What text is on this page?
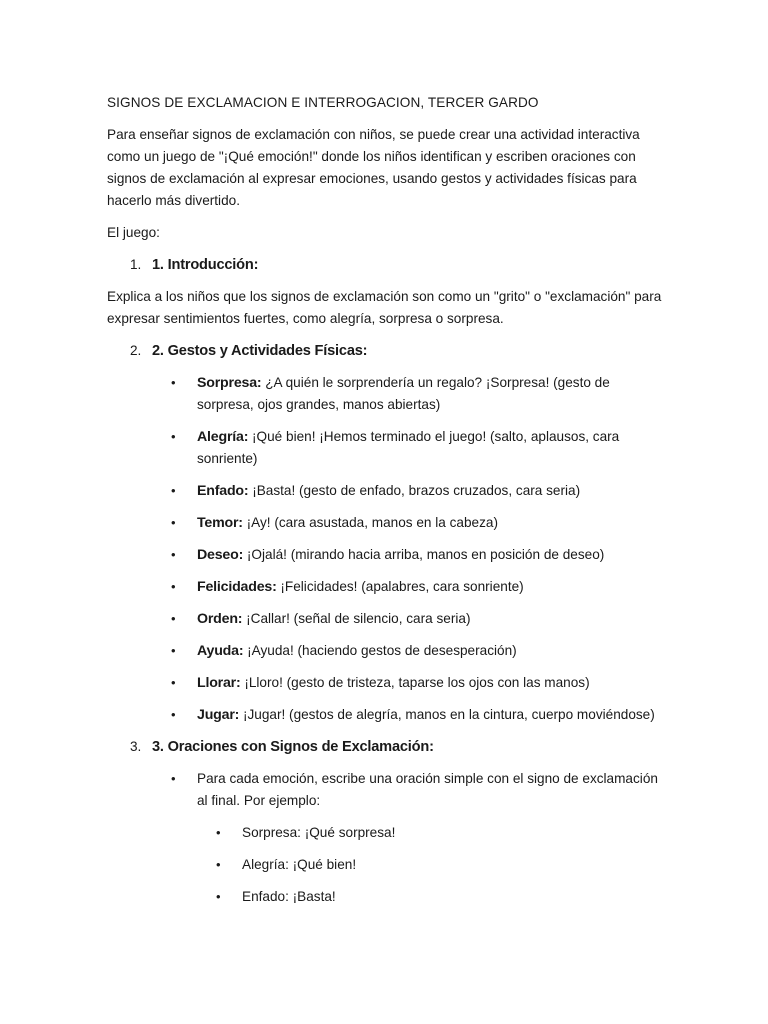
SIGNOS DE EXCLAMACION E INTERROGACION, TERCER GARDO

Para enseñar signos de exclamación con niños, se puede crear una actividad interactiva como un juego de "¡Qué emoción!" donde los niños identifican y escriben oraciones con signos de exclamación al expresar emociones, usando gestos y actividades físicas para hacerlo más divertido.

El juego:

1. 1. Introducción:

Explica a los niños que los signos de exclamación son como un "grito" o "exclamación" para expresar sentimientos fuertes, como alegría, sorpresa o sorpresa.

2. 2. Gestos y Actividades Físicas:
• Sorpresa: ¿A quién le sorprendería un regalo? ¡Sorpresa! (gesto de sorpresa, ojos grandes, manos abiertas)
• Alegría: ¡Qué bien! ¡Hemos terminado el juego! (salto, aplausos, cara sonriente)
• Enfado: ¡Basta! (gesto de enfado, brazos cruzados, cara seria)
• Temor: ¡Ay! (cara asustada, manos en la cabeza)
• Deseo: ¡Ojalá! (mirando hacia arriba, manos en posición de deseo)
• Felicidades: ¡Felicidades! (apalabres, cara sonriente)
• Orden: ¡Callar! (señal de silencio, cara seria)
• Ayuda: ¡Ayuda! (haciendo gestos de desesperación)
• Llorar: ¡Lloro! (gesto de tristeza, taparse los ojos con las manos)
• Jugar: ¡Jugar! (gestos de alegría, manos en la cintura, cuerpo moviéndose)
3. 3. Oraciones con Signos de Exclamación:
• Para cada emoción, escribe una oración simple con el signo de exclamación al final. Por ejemplo:
• Sorpresa: ¡Qué sorpresa!
• Alegría: ¡Qué bien!
• Enfado: ¡Basta!
